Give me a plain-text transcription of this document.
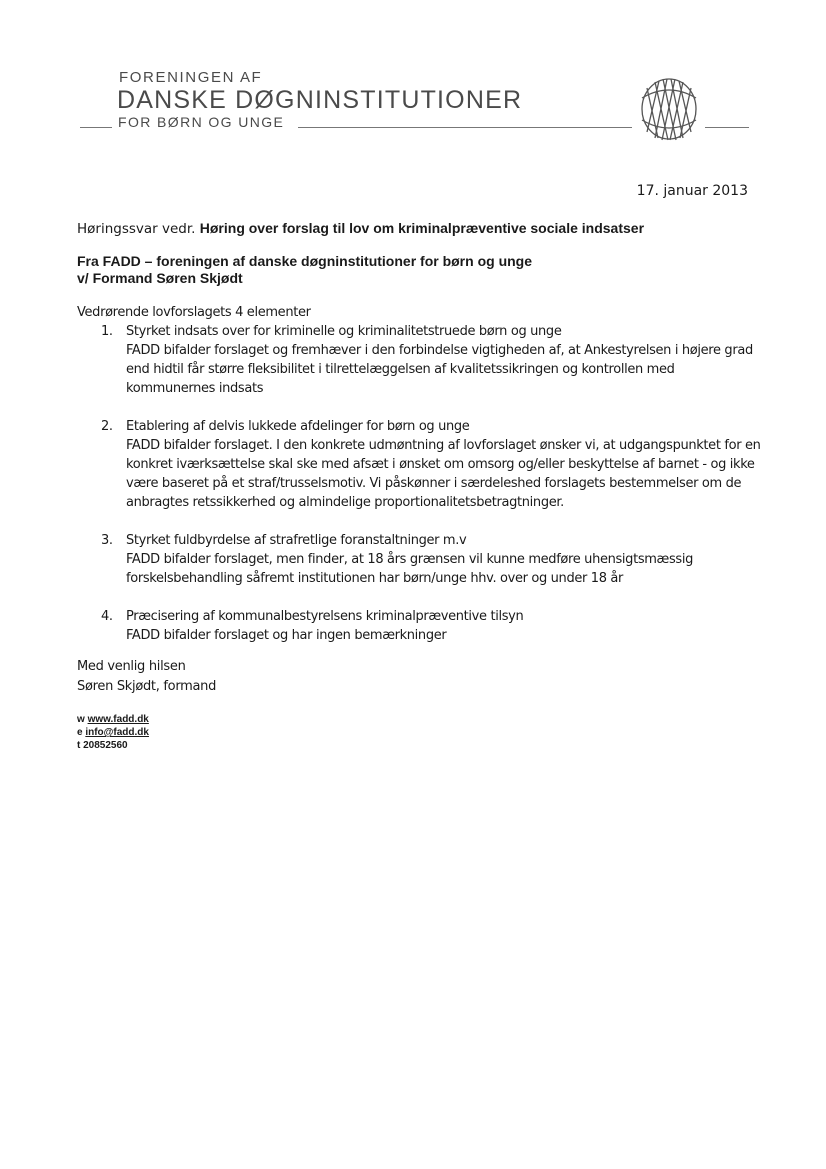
FORENINGEN AF
DANSKE DØGNINSTITUTIONER
FOR BØRN OG UNGE
17. januar 2013
Høringssvar vedr. Høring over forslag til lov om kriminalpræventive sociale indsatser
Fra FADD – foreningen af danske døgninstitutioner for børn og unge
v/ Formand Søren Skjødt

Vedrørende lovforslagets 4 elementer

1. Styrket indsats over for kriminelle og kriminalitetstruede børn og unge

FADD bifalder forslaget og fremhæver i den forbindelse vigtigheden af, at Ankestyrelsen i højere grad end hidtil får større fleksibilitet i tilrettelæggelsen af kvalitetssikringen og kontrollen med kommunernes indsats

2. Etablering af delvis lukkede afdelinger for børn og unge

FADD bifalder forslaget. I den konkrete udmøntning af lovforslaget ønsker vi, at udgangspunktet for en konkret iværksættelse skal ske med afsæt i ønsket om omsorg og/eller beskyttelse af barnet - og ikke være baseret på et straf/trusselsmotiv. Vi påskønner i særdeleshed forslagets bestemmelser om de anbragtes retssikkerhed og almindelige proportionalitetsbetragtninger.

3. Styrket fuldbyrdelse af strafretlige foranstaltninger m.v

FADD bifalder forslaget, men finder, at 18 års grænsen vil kunne medføre uhensigtsmæssig forskelsbehandling såfremt institutionen har børn/unge hhv. over og under 18 år

4. Præcisering af kommunalbestyrelsens kriminalpræventive tilsyn

FADD bifalder forslaget og har ingen bemærkninger

Med venlig hilsen
Søren Skjødt, formand
w www.fadd.dk
e info@fadd.dk
t 20852560
